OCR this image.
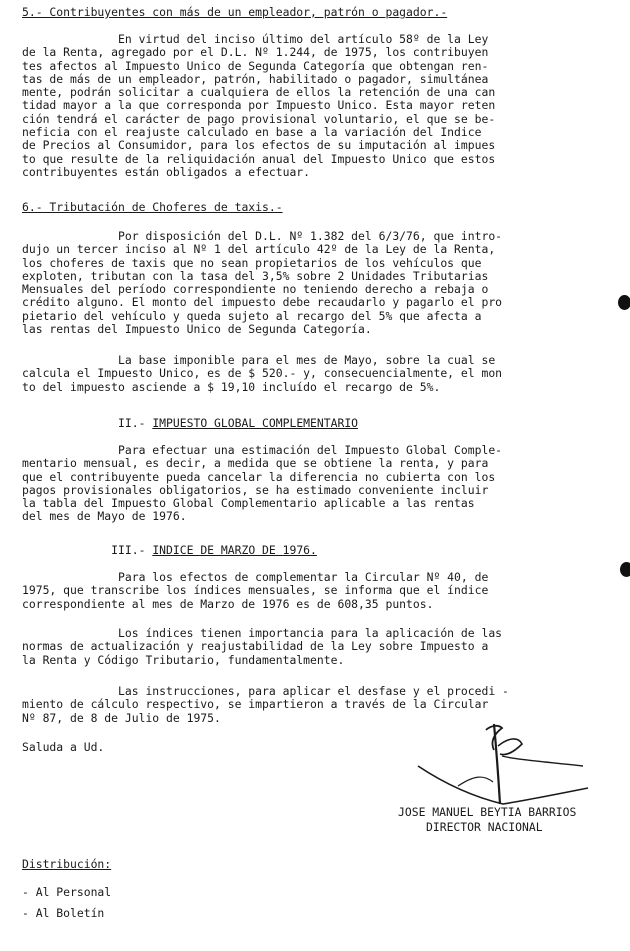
5.- Contribuyentes con más de un empleador, patrón o pagador.-
En virtud del inciso último del artículo 58º de la Ley
de la Renta, agregado por el D.L. Nº 1.244, de 1975, los contribuyen
tes afectos al Impuesto Unico de Segunda Categoría que obtengan ren-
tas de más de un empleador, patrón, habilitado o pagador, simultánea
mente, podrán solicitar a cualquiera de ellos la retención de una can
tidad mayor a la que corresponda por Impuesto Unico. Esta mayor reten
ción tendrá el carácter de pago provisional voluntario, el que se be-
neficia con el reajuste calculado en base a la variación del Indice
de Precios al Consumidor, para los efectos de su imputación al impues
to que resulte de la reliquidación anual del Impuesto Unico que estos
contribuyentes están obligados a efectuar.
6.- Tributación de Choferes de taxis.-
Por disposición del D.L. Nº 1.382 del 6/3/76, que intro-
dujo un tercer inciso al Nº 1 del artículo 42º de la Ley de la Renta,
los choferes de taxis que no sean propietarios de los vehículos que
exploten, tributan con la tasa del 3,5% sobre 2 Unidades Tributarias
Mensuales del período correspondiente no teniendo derecho a rebaja o
crédito alguno. El monto del impuesto debe recaudarlo y pagarlo el pro
pietario del vehículo y queda sujeto al recargo del 5% que afecta a
las rentas del Impuesto Unico de Segunda Categoría.
La base imponible para el mes de Mayo, sobre la cual se
calcula el Impuesto Unico, es de $ 520.- y, consecuencialmente, el mon
to del impuesto asciende a $ 19,10 incluído el recargo de 5%.
II.- IMPUESTO GLOBAL COMPLEMENTARIO
Para efectuar una estimación del Impuesto Global Comple-
mentario mensual, es decir, a medida que se obtiene la renta, y para
que el contribuyente pueda cancelar la diferencia no cubierta con los
pagos provisionales obligatorios, se ha estimado conveniente incluir
la tabla del Impuesto Global Complementario aplicable a las rentas
del mes de Mayo de 1976.
III.- INDICE DE MARZO DE 1976.
Para los efectos de complementar la Circular Nº 40, de
1975, que transcribe los índices mensuales, se informa que el índice
correspondiente al mes de Marzo de 1976 es de 608,35 puntos.
Los índices tienen importancia para la aplicación de las
normas de actualización y reajustabilidad de la Ley sobre Impuesto a
la Renta y Código Tributario, fundamentalmente.
Las instrucciones, para aplicar el desfase y el procedi -
miento de cálculo respectivo, se impartieron a través de la Circular
Nº 87, de 8 de Julio de 1975.
Saluda a Ud.
JOSE MANUEL BEYTIA BARRIOS
DIRECTOR NACIONAL
Distribución:
- Al Personal
- Al Boletín
